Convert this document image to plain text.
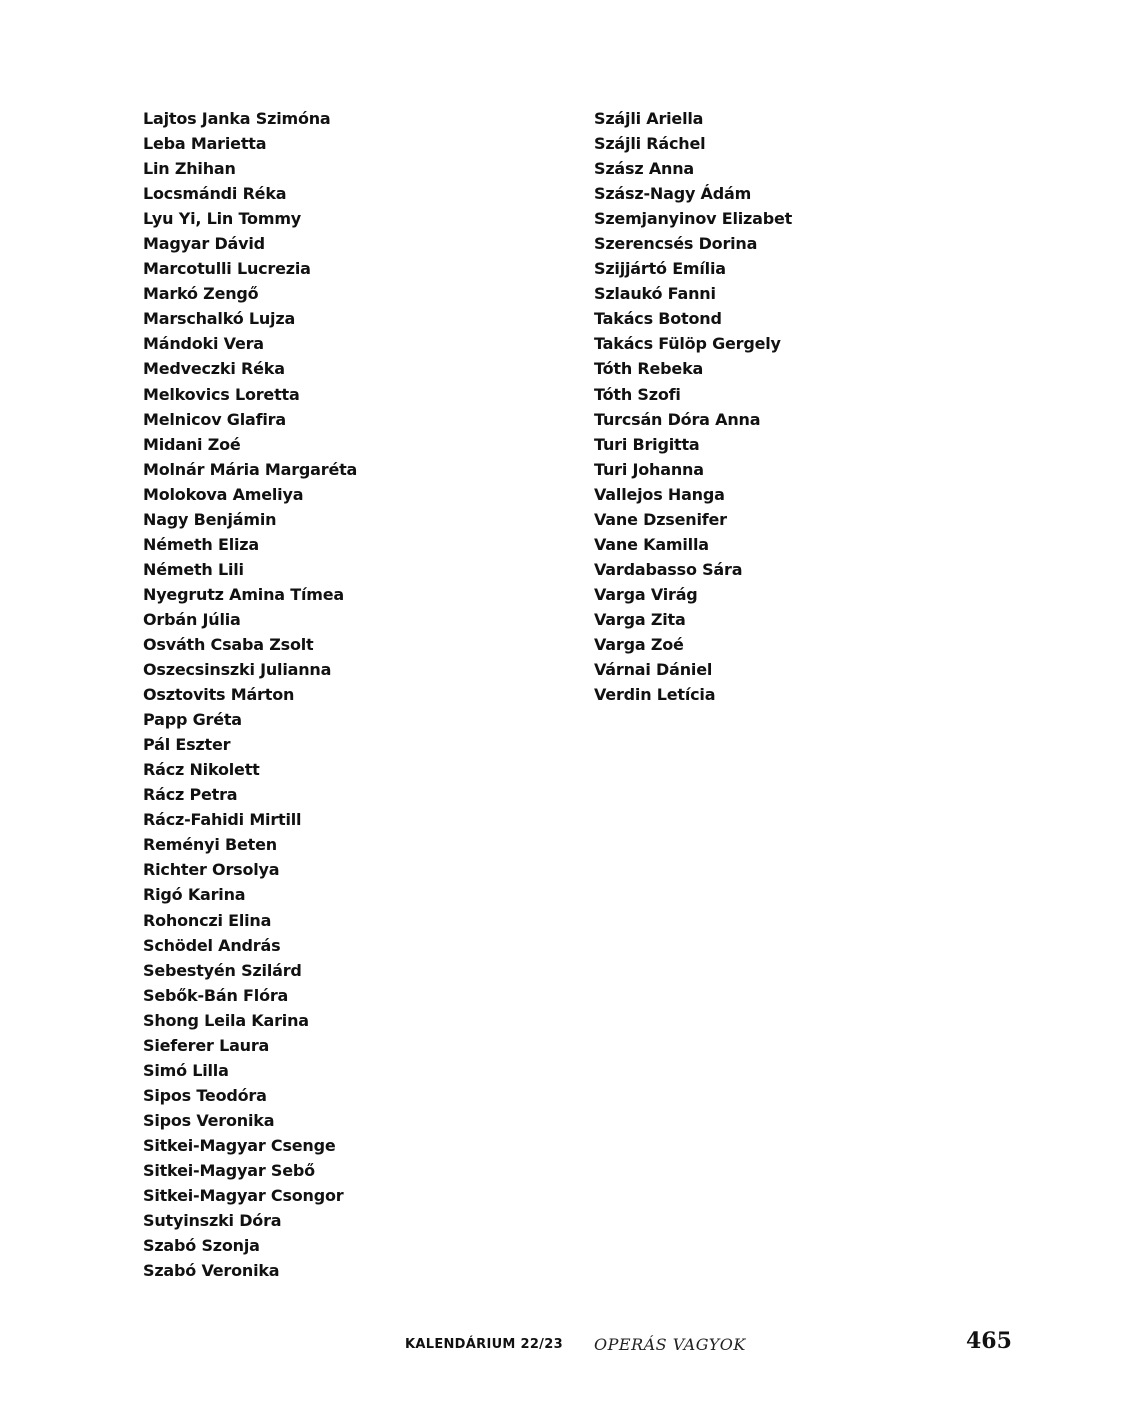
Lajtos Janka Szimóna
Leba Marietta
Lin Zhihan
Locsmándi Réka
Lyu Yi, Lin Tommy
Magyar Dávid
Marcotulli Lucrezia
Markó Zengő
Marschalkó Lujza
Mándoki Vera
Medveczki Réka
Melkovics Loretta
Melnicov Glafira
Midani Zoé
Molnár Mária Margaréta
Molokova Ameliya
Nagy Benjámin
Németh Eliza
Németh Lili
Nyegrutz Amina Tímea
Orbán Júlia
Osváth Csaba Zsolt
Oszecsinszki Julianna
Osztovits Márton
Papp Gréta
Pál Eszter
Rácz Nikolett
Rácz Petra
Rácz-Fahidi Mirtill
Reményi Beten
Richter Orsolya
Rigó Karina
Rohonczi Elina
Schödel András
Sebestyén Szilárd
Sebők-Bán Flóra
Shong Leila Karina
Sieferer Laura
Simó Lilla
Sipos Teodóra
Sipos Veronika
Sitkei-Magyar Csenge
Sitkei-Magyar Sebő
Sitkei-Magyar Csongor
Sutyinszki Dóra
Szabó Szonja
Szabó Veronika
Szájli Ariella
Szájli Ráchel
Szász Anna
Szász-Nagy Ádám
Szemjanyinov Elizabet
Szerencsés Dorina
Szijjártó Emília
Szlaukó Fanni
Takács Botond
Takács Fülöp Gergely
Tóth Rebeka
Tóth Szofi
Turcsán Dóra Anna
Turi Brigitta
Turi Johanna
Vallejos Hanga
Vane Dzsenifer
Vane Kamilla
Vardabasso Sára
Varga Virág
Varga Zita
Varga Zoé
Várnai Dániel
Verdin Letícia
KALENDÁRIUM 22/23 OPERÁS VAGYOK	465
